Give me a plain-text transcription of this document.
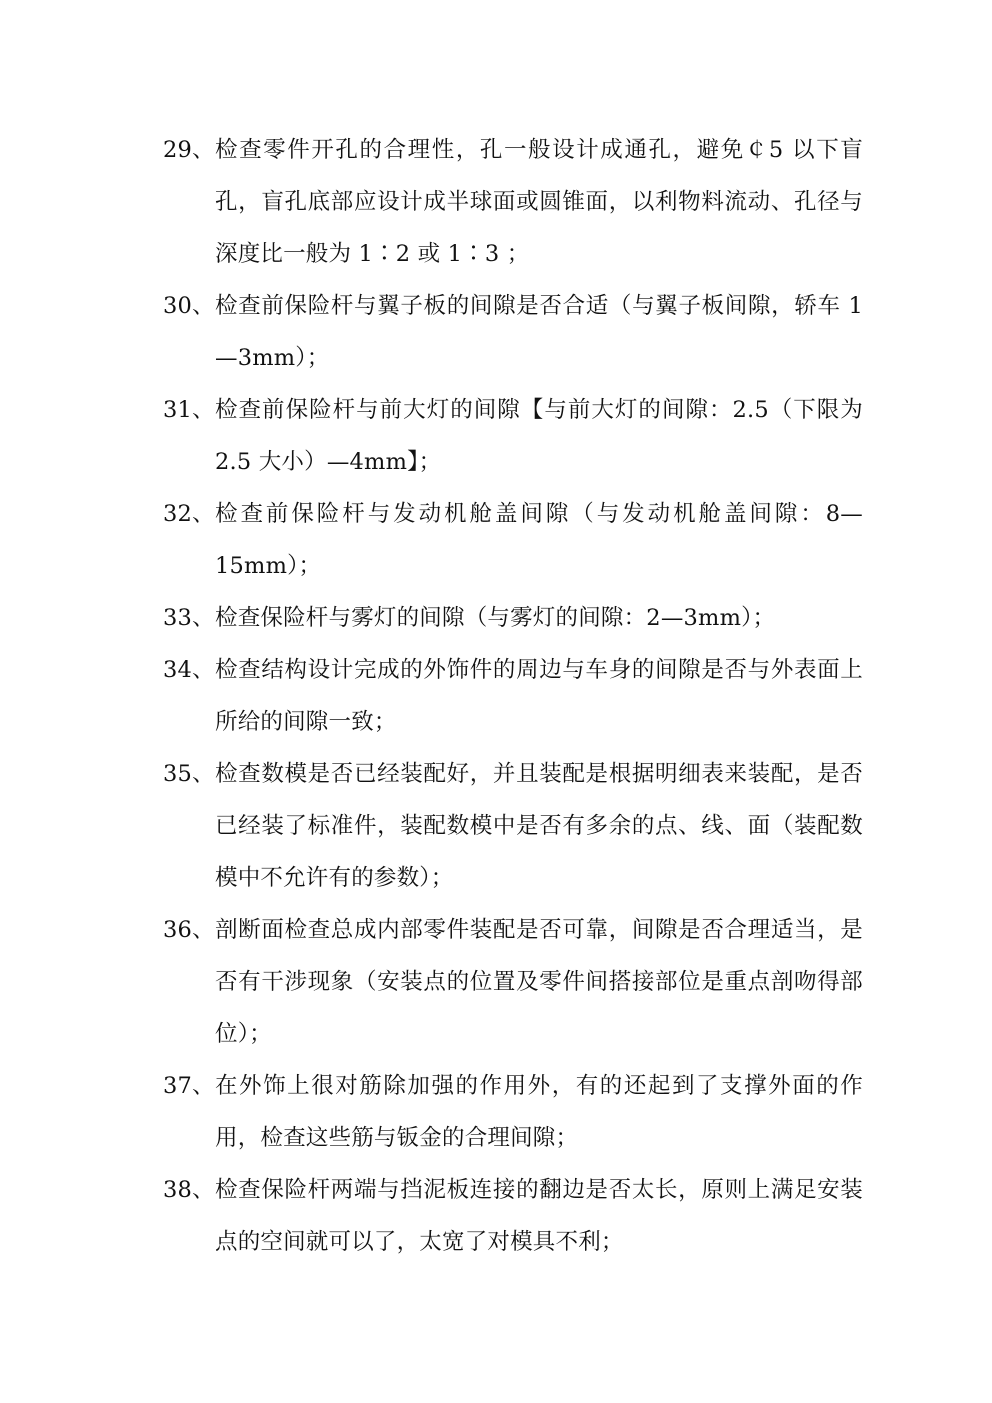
29、 检查零件开孔的合理性，孔一般设计成通孔，避免￠5 以下盲孔，盲孔底部应设计成半球面或圆锥面，以利物料流动、孔径与深度比一般为 1∶2 或 1∶3 ；
30、 检查前保险杆与翼子板的间隙是否合适（与翼子板间隙，轿车 1—3mm）；
31、 检查前保险杆与前大灯的间隙【与前大灯的间隙：2.5（下限为 2.5 大小）—4mm】；
32、 检查前保险杆与发动机舱盖间隙（与发动机舱盖间隙：8—15mm）；
33、 检查保险杆与雾灯的间隙（与雾灯的间隙：2—3mm）；
34、 检查结构设计完成的外饰件的周边与车身的间隙是否与外表面上所给的间隙一致；
35、 检查数模是否已经装配好，并且装配是根据明细表来装配，是否已经装了标准件，装配数模中是否有多余的点、线、面（装配数模中不允许有的参数）；
36、 剖断面检查总成内部零件装配是否可靠，间隙是否合理适当，是否有干涉现象（安装点的位置及零件间搭接部位是重点剖吻得部位）；
37、 在外饰上很对筋除加强的作用外，有的还起到了支撑外面的作用，检查这些筋与钣金的合理间隙；
38、 检查保险杆两端与挡泥板连接的翻边是否太长，原则上满足安装点的空间就可以了，太宽了对模具不利；
